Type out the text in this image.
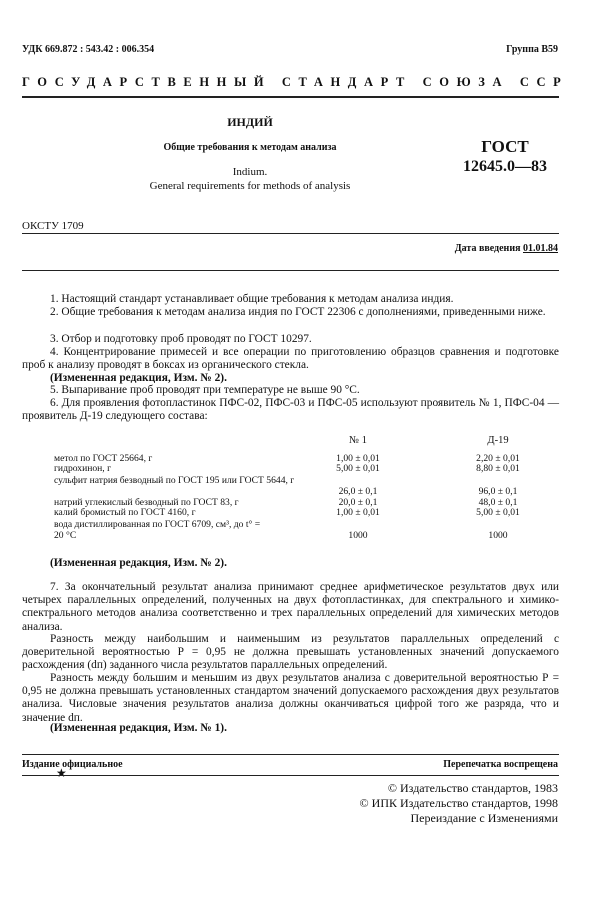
УДК 669.872 : 543.42 : 006.354	Группа В59
ГОСУДАРСТВЕННЫЙ СТАНДАРТ СОЮЗА ССР
ИНДИЙ
Общие требования к методам анализа
Indium.
General requirements for methods of analysis
ГОСТ
12645.0—83
ОКСТУ 1709
Дата введения 01.01.84
1. Настоящий стандарт устанавливает общие требования к методам анализа индия.
2. Общие требования к методам анализа индия по ГОСТ 22306 с дополнениями, приведенными ниже.
3. Отбор и подготовку проб проводят по ГОСТ 10297.
4. Концентрирование примесей и все операции по приготовлению образцов сравнения и подготовке проб к анализу проводят в боксах из органического стекла.
(Измененная редакция, Изм. № 2).
5. Выпаривание проб проводят при температуре не выше 90 °С.
6. Для проявления фотопластинок ПФС-02, ПФС-03 и ПФС-05 используют проявитель № 1, ПФС-04 — проявитель Д-19 следующего состава:
№ 1	Д-19
метол по ГОСТ 25664, г	1,00 ± 0,01	2,20 ± 0,01
гидрохинон, г	5,00 ± 0,01	8,80 ± 0,01
сульфит натрия безводный по ГОСТ 195 или ГОСТ 5644, г
26,0 ± 0,1	96,0 ± 0,1
натрий углекислый безводный по ГОСТ 83, г	20,0 ± 0,1	48,0 ± 0,1
калий бромистый по ГОСТ 4160, г	1,00 ± 0,01	5,00 ± 0,01
вода дистиллированная по ГОСТ 6709, см³, до t° = 20 °С	1000	1000
(Измененная редакция, Изм. № 2).
7. За окончательный результат анализа принимают среднее арифметическое результатов двух или четырех параллельных определений, полученных на двух фотопластинках, для спектрального и химико-спектрального методов анализа соответственно и трех параллельных определений для химических методов анализа.
Разность между наибольшим и наименьшим из результатов параллельных определений с доверительной вероятностью Р = 0,95 не должна превышать установленных значений допускаемого расхождения (dп) заданного числа результатов параллельных определений.
Разность между большим и меньшим из двух результатов анализа с доверительной вероятностью Р = 0,95 не должна превышать установленных стандартом значений допускаемого расхождения двух результатов анализа. Числовые значения результатов анализа должны оканчиваться цифрой того же разряда, что и значение dп.
(Измененная редакция, Изм. № 1).
Издание официальное
★
Перепечатка воспрещена
© Издательство стандартов, 1983
© ИПК Издательство стандартов, 1998
Переиздание с Изменениями
